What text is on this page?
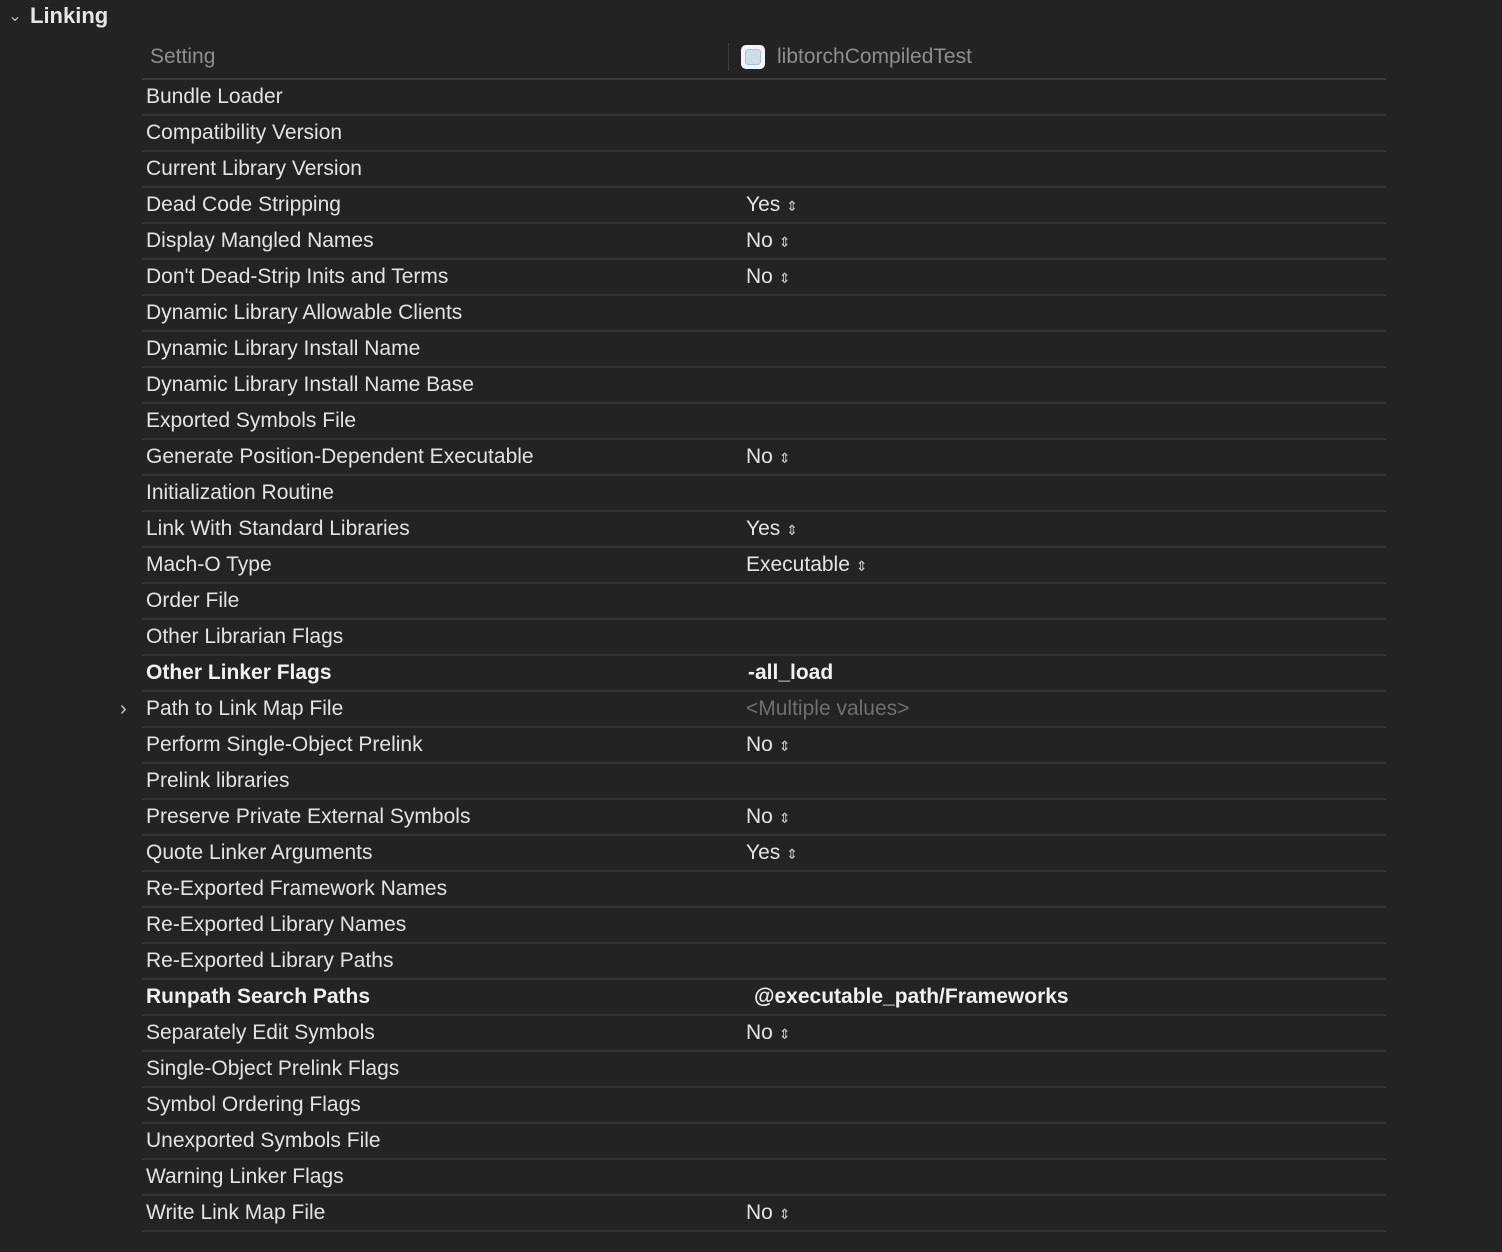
⌄ Linking
Setting	libtorchCompiledTest
Bundle Loader
Compatibility Version
Current Library Version
Dead Code Stripping	Yes ⇕
Display Mangled Names	No ⇕
Don't Dead-Strip Inits and Terms	No ⇕
Dynamic Library Allowable Clients
Dynamic Library Install Name
Dynamic Library Install Name Base
Exported Symbols File
Generate Position-Dependent Executable	No ⇕
Initialization Routine
Link With Standard Libraries	Yes ⇕
Mach-O Type	Executable ⇕
Order File
Other Librarian Flags
Other Linker Flags	-all_load
› Path to Link Map File	<Multiple values>
Perform Single-Object Prelink	No ⇕
Prelink libraries
Preserve Private External Symbols	No ⇕
Quote Linker Arguments	Yes ⇕
Re-Exported Framework Names
Re-Exported Library Names
Re-Exported Library Paths
Runpath Search Paths	@executable_path/Frameworks
Separately Edit Symbols	No ⇕
Single-Object Prelink Flags
Symbol Ordering Flags
Unexported Symbols File
Warning Linker Flags
Write Link Map File	No ⇕
